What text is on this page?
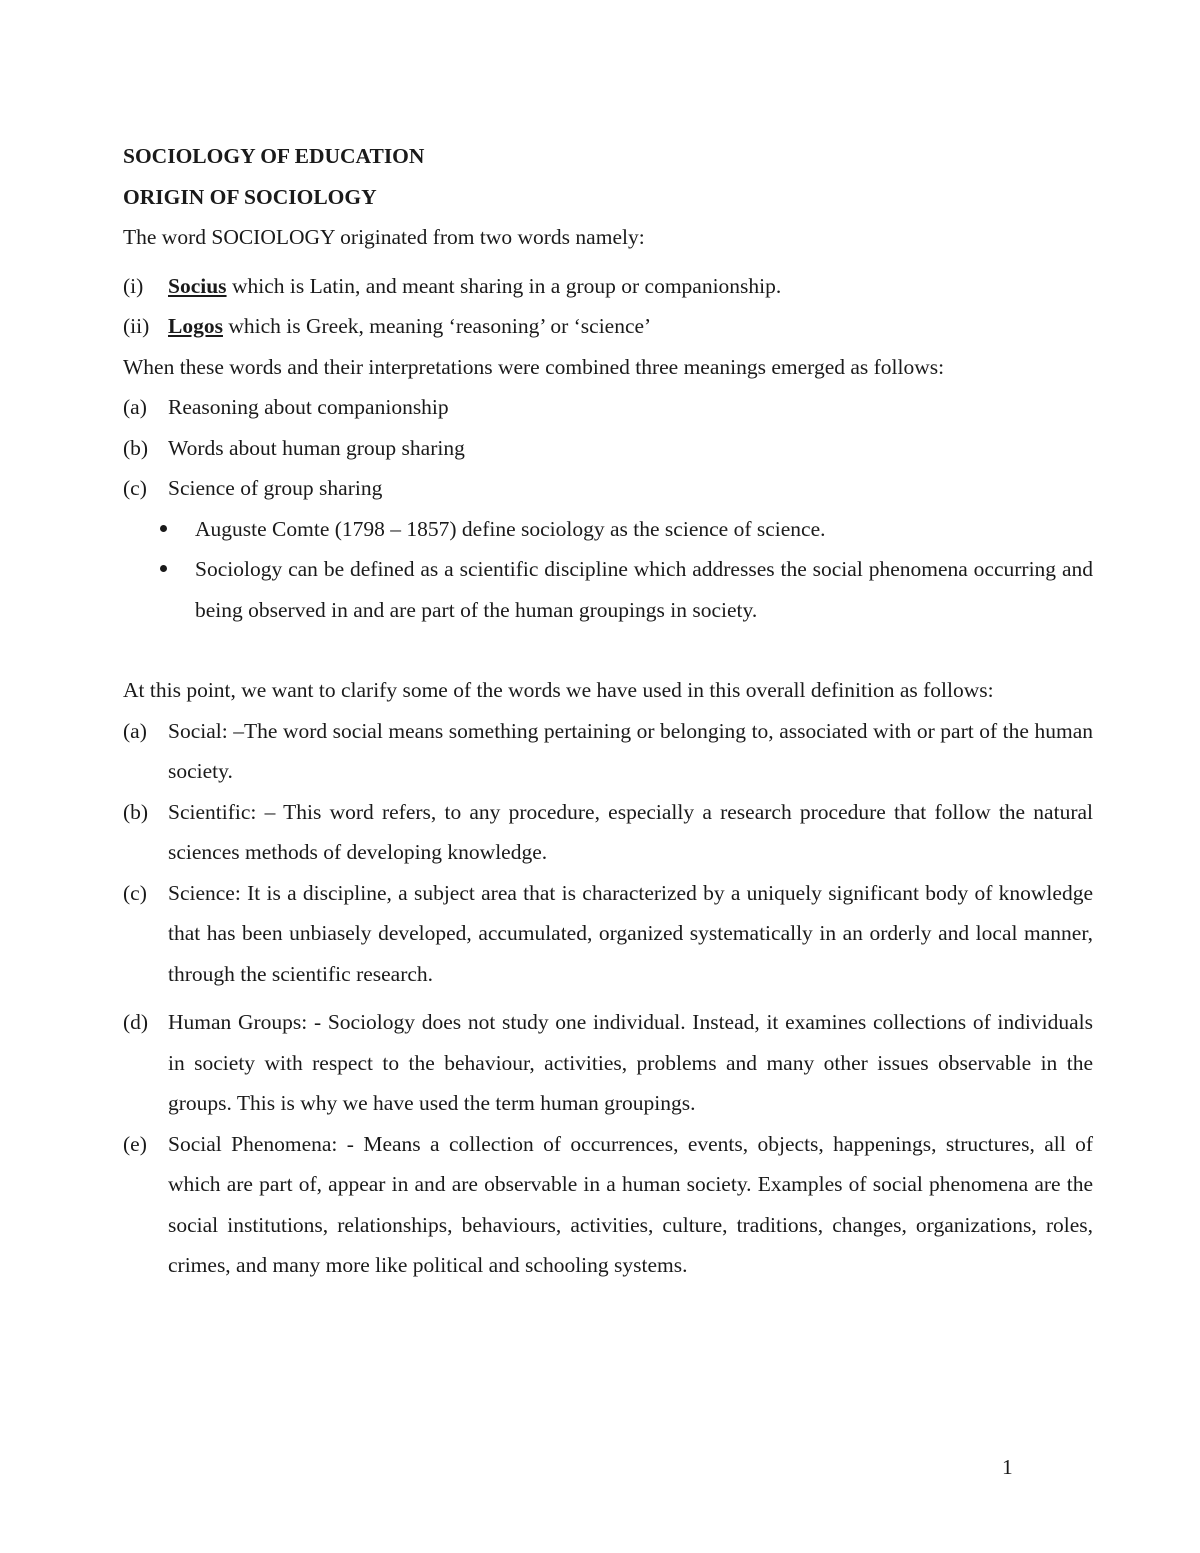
SOCIOLOGY OF EDUCATION
ORIGIN OF SOCIOLOGY
The word SOCIOLOGY originated from two words namely:
(i)	Socius which is Latin, and meant sharing in a group or companionship.
(ii) Logos which is Greek, meaning ‘reasoning’ or ‘science’
When these words and their interpretations were combined three meanings emerged as follows:
(a) Reasoning about companionship
(b) Words about human group sharing
(c) Science of group sharing
Auguste Comte (1798 – 1857) define sociology as the science of science.
Sociology can be defined as a scientific discipline which addresses the social phenomena occurring and being observed in and are part of the human groupings in society.
At this point, we want to clarify some of the words we have used in this overall definition as follows:
(a) Social: –The word social means something pertaining or belonging to, associated with or part of the human society.
(b) Scientific: – This word refers, to any procedure, especially a research procedure that follow the natural sciences methods of developing knowledge.
(c) Science: It is a discipline, a subject area that is characterized by a uniquely significant body of knowledge that has been unbiasely developed, accumulated, organized systematically in an orderly and local manner, through the scientific research.
(d) Human Groups: - Sociology does not study one individual. Instead, it examines collections of individuals in society with respect to the behaviour, activities, problems and many other issues observable in the groups. This is why we have used the term human groupings.
(e) Social Phenomena: - Means a collection of occurrences, events, objects, happenings, structures, all of which are part of, appear in and are observable in a human society. Examples of social phenomena are the social institutions, relationships, behaviours, activities, culture, traditions, changes, organizations, roles, crimes, and many more like political and schooling systems.
1
